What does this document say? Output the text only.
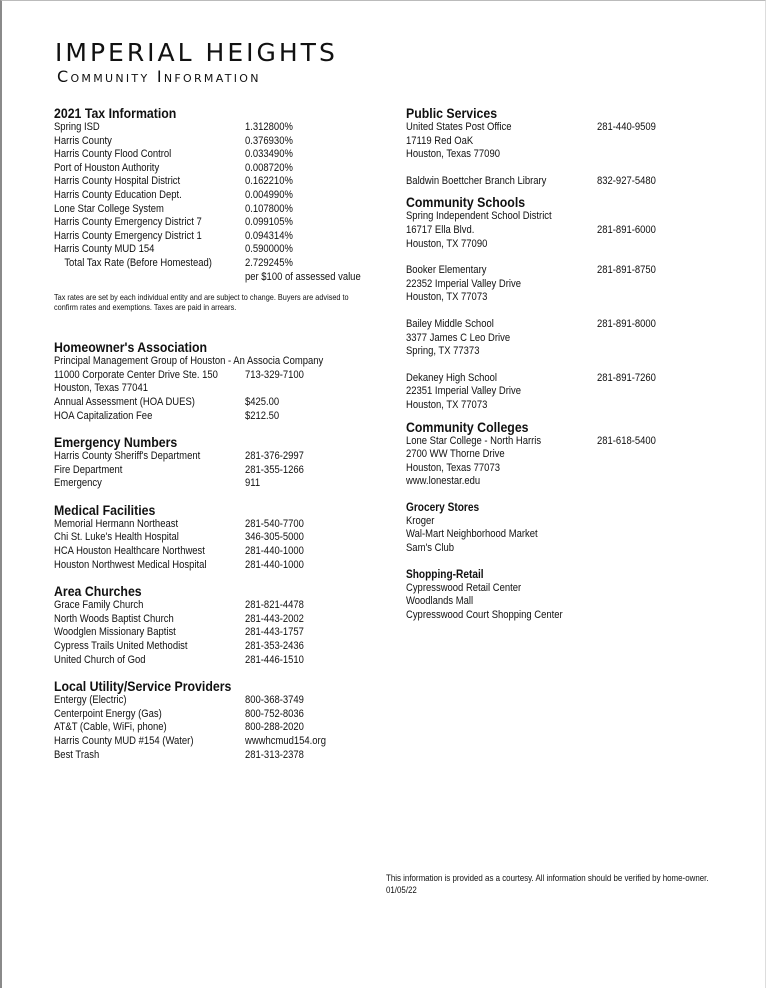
IMPERIAL HEIGHTS
Community Information
2021 Tax Information
Spring ISD	1.312800%
Harris County	0.376930%
Harris County Flood Control	0.033490%
Port of Houston Authority	0.008720%
Harris County Hospital District	0.162210%
Harris County Education Dept.	0.004990%
Lone Star College System	0.107800%
Harris County Emergency District 7	0.099105%
Harris County Emergency District 1	0.094314%
Harris County MUD 154	0.590000%
Total Tax Rate (Before Homestead)	2.729245%
per $100 of assessed value
Tax rates are set by each individual entity and are subject to change. Buyers are advised to confirm rates and exemptions. Taxes are paid in arrears.
Homeowner's Association
Principal Management Group of Houston - An Associa Company
11000 Corporate Center Drive Ste. 150 713-329-7100
Houston, Texas 77041
Annual Assessment (HOA DUES)	$425.00
HOA Capitalization Fee	$212.50
Emergency Numbers
Harris County Sheriff's Department	281-376-2997
Fire Department	281-355-1266
Emergency	911
Medical Facilities
Memorial Hermann Northeast	281-540-7700
Chi St. Luke's Health Hospital	346-305-5000
HCA Houston Healthcare Northwest	281-440-1000
Houston Northwest Medical Hospital	281-440-1000
Area Churches
Grace Family Church	281-821-4478
North Woods Baptist Church	281-443-2002
Woodglen Missionary Baptist	281-443-1757
Cypress Trails United Methodist	281-353-2436
United Church of God	281-446-1510
Local Utility/Service Providers
Entergy (Electric)	800-368-3749
Centerpoint Energy (Gas)	800-752-8036
AT&T (Cable, WiFi, phone)	800-288-2020
Harris County MUD #154 (Water)	wwwhcmud154.org
Best Trash	281-313-2378
Public Services
United States Post Office	281-440-9509
17119 Red OaK
Houston, Texas 77090
Baldwin Boettcher Branch Library	832-927-5480
Community Schools
Spring Independent School District
16717 Ella Blvd.	281-891-6000
Houston, TX 77090
Booker Elementary	281-891-8750
22352 Imperial Valley Drive
Houston, TX 77073
Bailey Middle School	281-891-8000
3377 James C Leo Drive
Spring, TX 77373
Dekaney High School	281-891-7260
22351 Imperial Valley Drive
Houston, TX 77073
Community Colleges
Lone Star College - North Harris	281-618-5400
2700 WW Thorne Drive
Houston, Texas 77073
www.lonestar.edu
Grocery Stores
Kroger
Wal-Mart Neighborhood Market
Sam's Club
Shopping-Retail
Cypresswood Retail Center
Woodlands Mall
Cypresswood Court Shopping Center
This information is provided as a courtesy. All information should be verified by home-owner. 01/05/22
